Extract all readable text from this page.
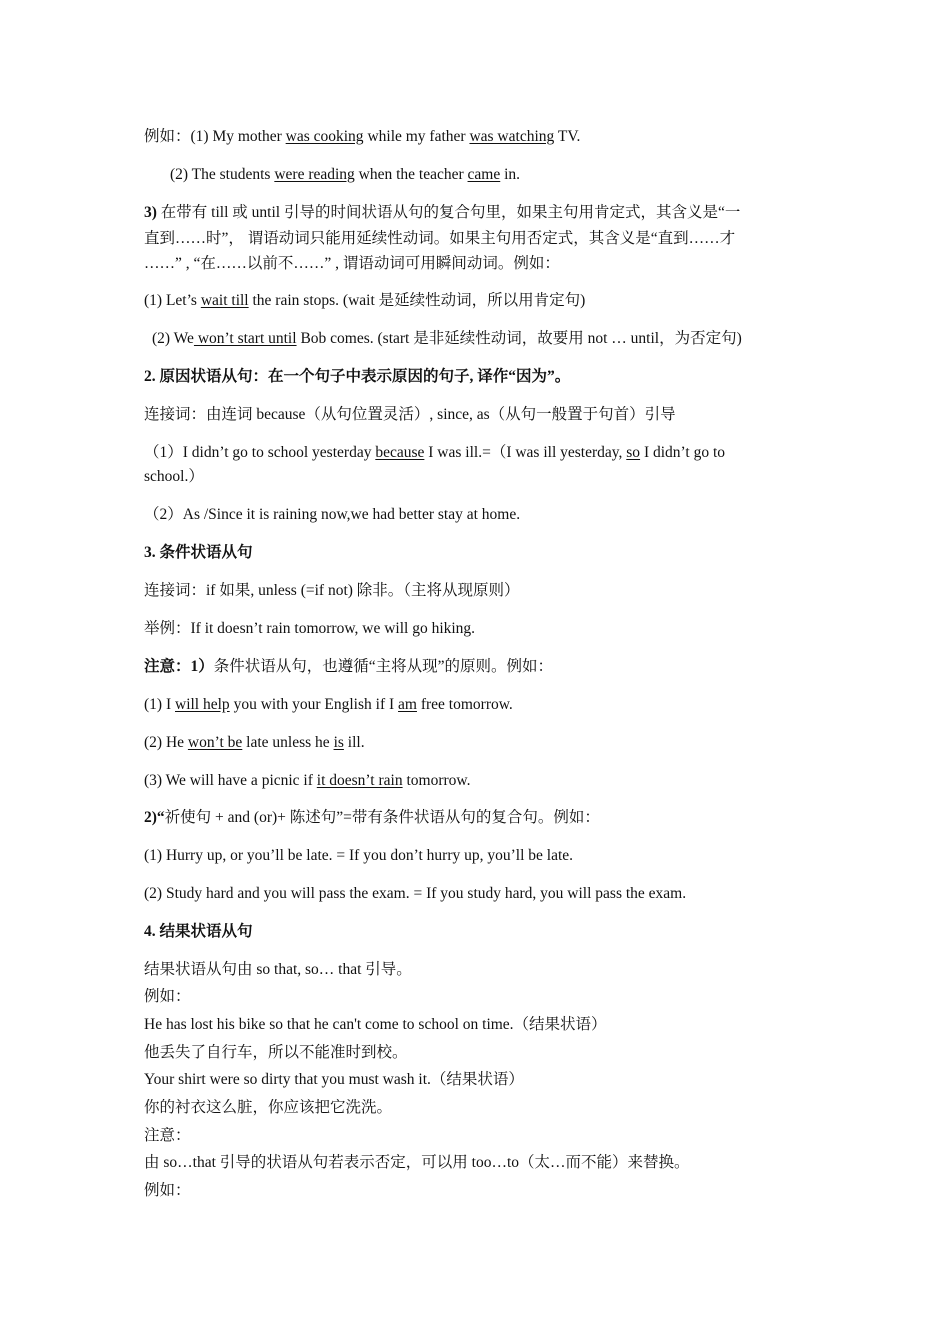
例如：(1) My mother was cooking while my father was watching TV.
(2) The students were reading when the teacher came in.
3) 在带有 till 或 until 引导的时间状语从句的复合句里，如果主句用肯定式，其含义是“一
直到……时”， 谓语动词只能用延续性动词。如果主句用否定式，其含义是“直到……才
……” , “在……以前不……” , 谓语动词可用瞬间动词。例如：
(1) Let’s wait till the rain stops. (wait 是延续性动词，所以用肯定句)
(2) We won’t start until Bob comes. (start 是非延续性动词，故要用 not … until，为否定句)
2. 原因状语从句：在一个句子中表示原因的句子, 译作“因为”。
连接词：由连词 because（从句位置灵活）, since, as（从句一般置于句首）引导
（1）I didn’t go to school yesterday because I was ill.=（I was ill yesterday, so I didn’t go to
school.）
（2）As /Since it is raining now,we had better stay at home.
3. 条件状语从句
连接词：if 如果, unless (=if not) 除非。（主将从现原则）
举例：If it doesn’t rain tomorrow, we will go hiking.
注意：1）条件状语从句，也遵循“主将从现”的原则。例如：
(1) I will help you with your English if I am free tomorrow.
(2) He won’t be late unless he is ill.
(3) We will have a picnic if it doesn’t rain tomorrow.
2)“祈使句 + and (or)+ 陈述句”=带有条件状语从句的复合句。例如：
(1) Hurry up, or you’ll be late. = If you don’t hurry up, you’ll be late.
(2) Study hard and you will pass the exam. = If you study hard, you will pass the exam.
4. 结果状语从句
结果状语从句由 so that, so… that 引导。
例如：
He has lost his bike so that he can't come to school on time.（结果状语）
他丢失了自行车，所以不能准时到校。
Your shirt were so dirty that you must wash it.（结果状语）
你的衬衣这么脏，你应该把它洗洗。
注意：
由 so…that 引导的状语从句若表示否定，可以用 too…to（太…而不能）来替换。
例如：
